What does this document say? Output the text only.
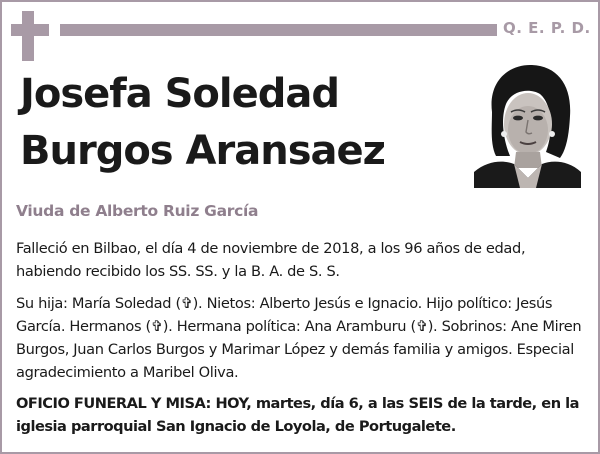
Q. E. P. D.
Josefa Soledad
Burgos Aransaez
Viuda de Alberto Ruiz García
Falleció en Bilbao, el día 4 de noviembre de 2018, a los 96 años de edad, habiendo recibido los SS. SS. y la B. A. de S. S.
Su hija: María Soledad (✞). Nietos: Alberto Jesús e Ignacio. Hijo político: Jesús García. Hermanos (✞). Hermana política: Ana Aramburu (✞). Sobrinos: Ane Miren Burgos, Juan Carlos Burgos y Marimar López y demás familia y amigos. Especial agradecimiento a Maribel Oliva.
OFICIO FUNERAL Y MISA: HOY, martes, día 6, a las SEIS de la tarde, en la iglesia parroquial San Ignacio de Loyola, de Portugalete.
